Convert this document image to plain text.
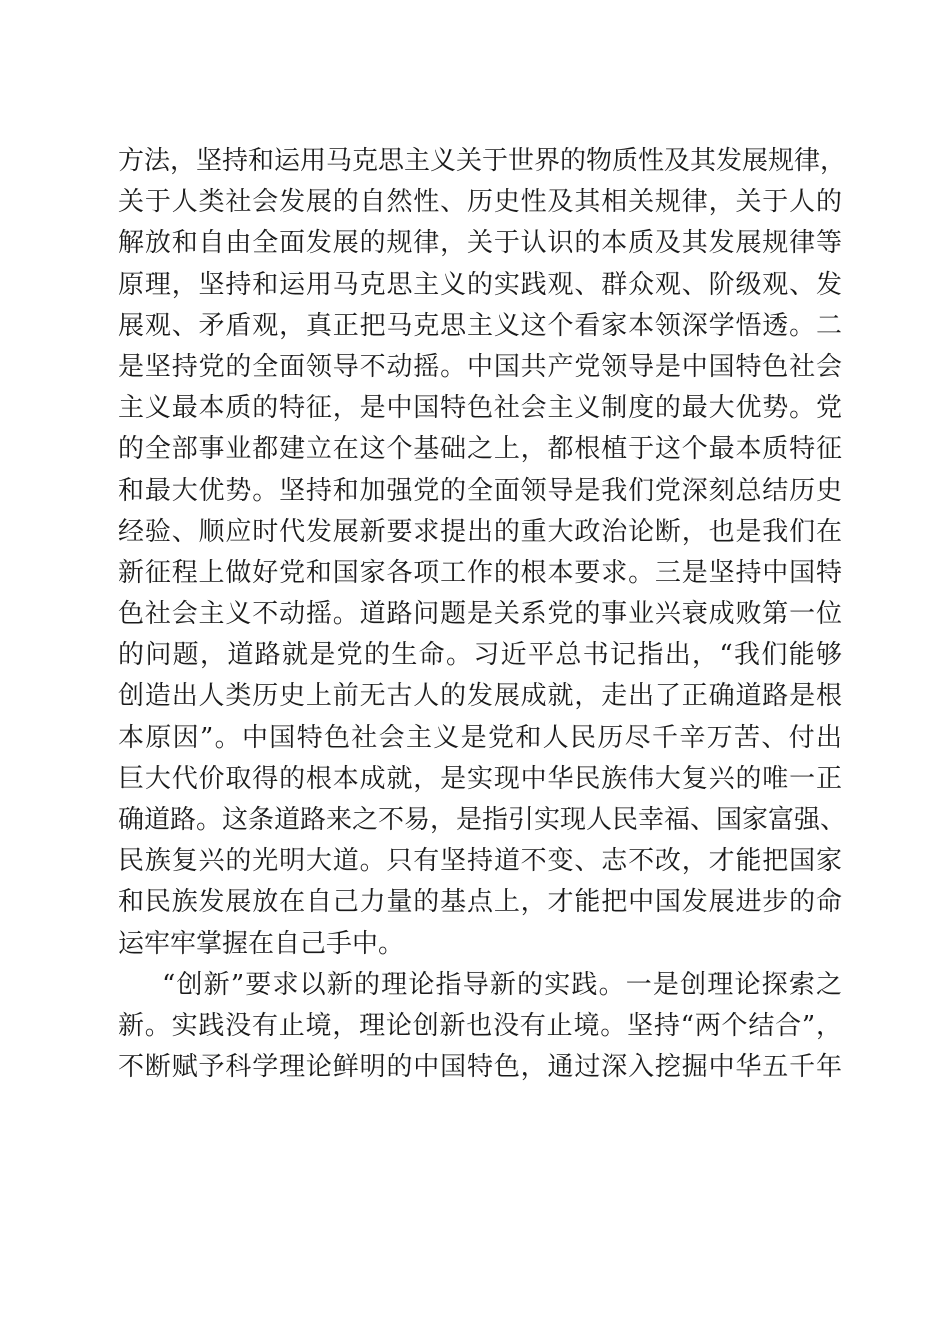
方法，坚持和运用马克思主义关于世界的物质性及其发展规律，
关于人类社会发展的自然性、历史性及其相关规律，关于人的
解放和自由全面发展的规律，关于认识的本质及其发展规律等
原理，坚持和运用马克思主义的实践观、群众观、阶级观、发
展观、矛盾观，真正把马克思主义这个看家本领深学悟透。二
是坚持党的全面领导不动摇。中国共产党领导是中国特色社会
主义最本质的特征，是中国特色社会主义制度的最大优势。党
的全部事业都建立在这个基础之上，都根植于这个最本质特征
和最大优势。坚持和加强党的全面领导是我们党深刻总结历史
经验、顺应时代发展新要求提出的重大政治论断，也是我们在
新征程上做好党和国家各项工作的根本要求。三是坚持中国特
色社会主义不动摇。道路问题是关系党的事业兴衰成败第一位
的问题，道路就是党的生命。习近平总书记指出，“我们能够
创造出人类历史上前无古人的发展成就，走出了正确道路是根
本原因”。中国特色社会主义是党和人民历尽千辛万苦、付出
巨大代价取得的根本成就，是实现中华民族伟大复兴的唯一正
确道路。这条道路来之不易，是指引实现人民幸福、国家富强、
民族复兴的光明大道。只有坚持道不变、志不改，才能把国家
和民族发展放在自己力量的基点上，才能把中国发展进步的命
运牢牢掌握在自己手中。
“创新”要求以新的理论指导新的实践。一是创理论探索之
新。实践没有止境，理论创新也没有止境。坚持“两个结合”，
不断赋予科学理论鲜明的中国特色，通过深入挖掘中华五千年
